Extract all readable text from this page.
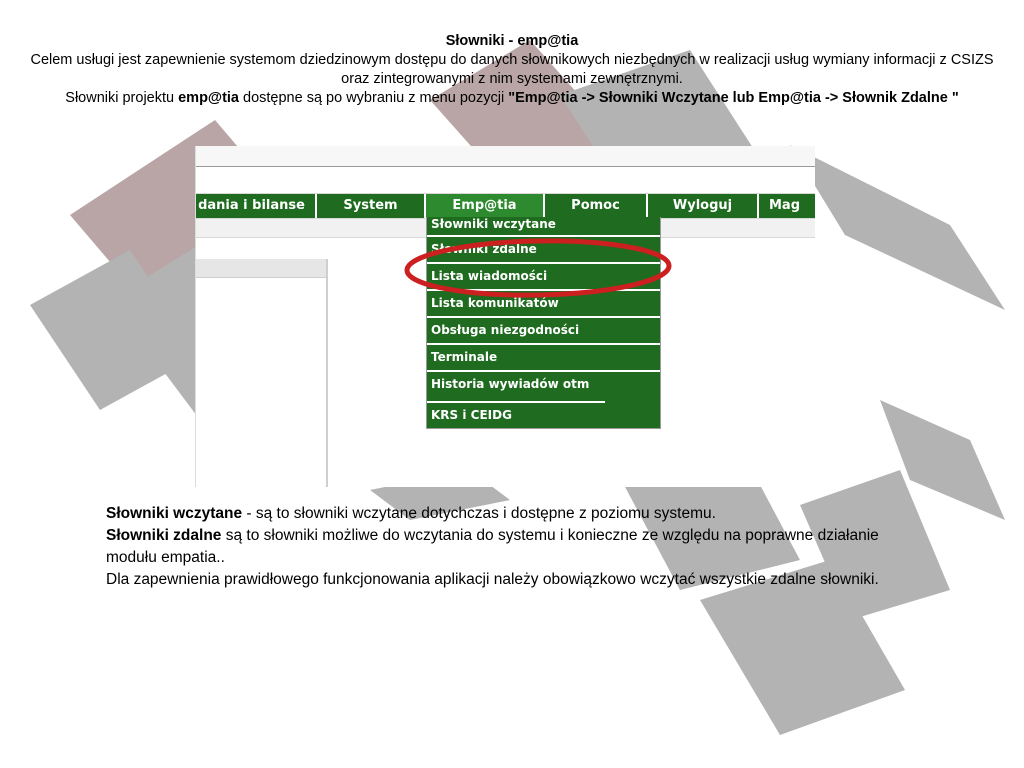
Słowniki - emp@tia
Celem usługi jest zapewnienie systemom dziedzinowym dostępu do danych słownikowych niezbędnych w realizacji usług wymiany informacji z CSIZS oraz zintegrowanymi z nim systemami zewnętrznymi.
Słowniki projektu emp@tia dostępne są po wybraniu z menu pozycji "Emp@tia -> Słowniki Wczytane lub Emp@tia -> Słownik Zdalne "
dania i bilanse	System	Emp@tia	Pomoc	Wyloguj	Mag
Słowniki wczytane
Słowniki zdalne
Lista wiadomości
Lista komunikatów
Obsługa niezgodności
Terminale
Historia wywiadów otm
KRS i CEIDG

Słowniki wczytane - są to słowniki wczytane dotychczas i dostępne z poziomu systemu.

Słowniki zdalne są to słowniki możliwe do wczytania do systemu i konieczne ze względu na poprawne działanie modułu empatia..

Dla zapewnienia prawidłowego funkcjonowania aplikacji należy obowiązkowo wczytać wszystkie zdalne słowniki.
